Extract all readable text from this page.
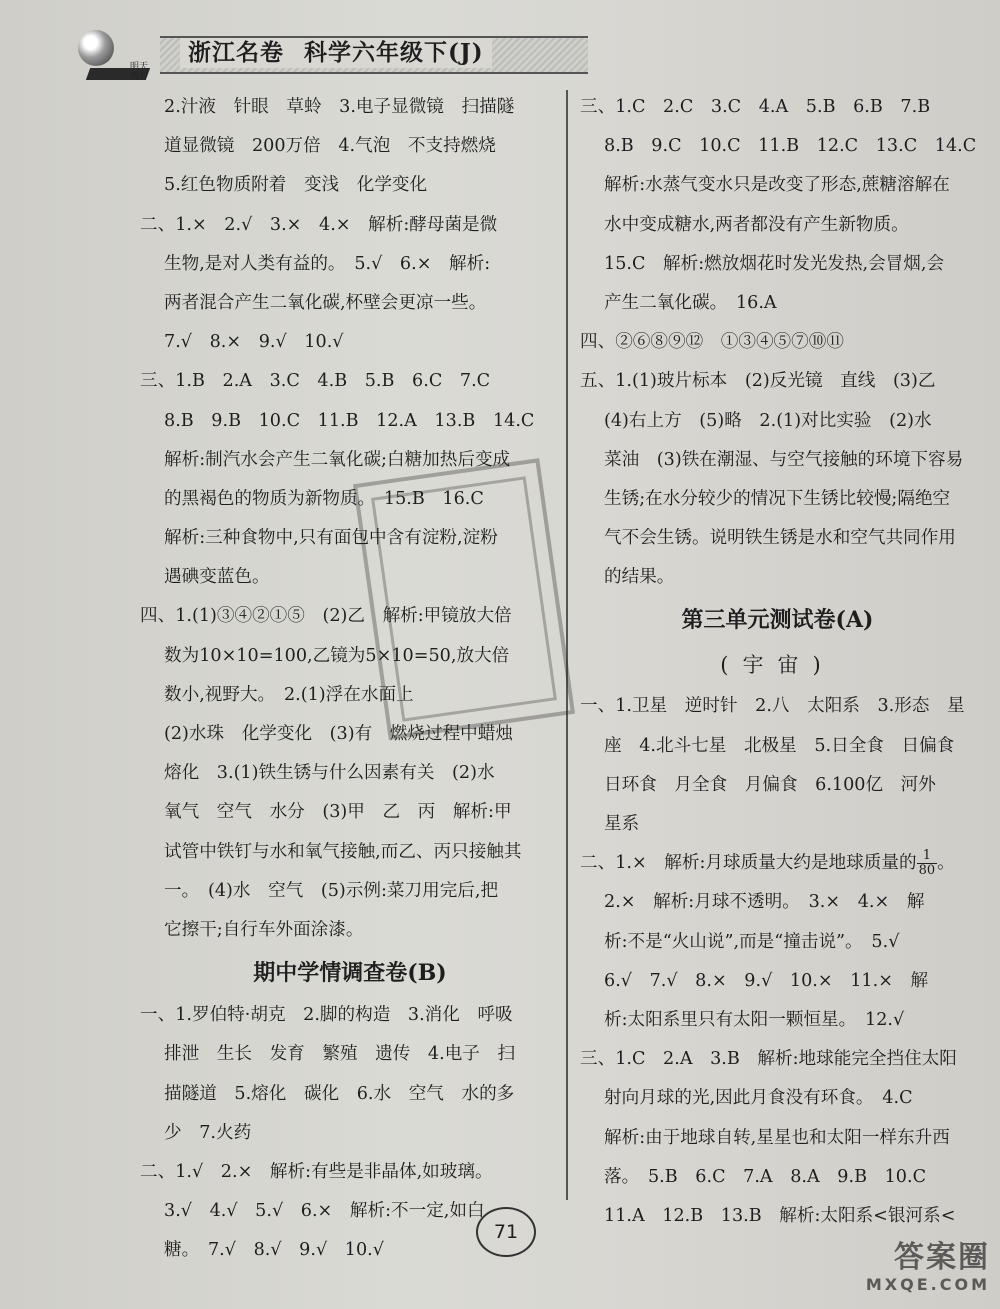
明天教育
浙江名卷 科学六年级下(J)
2.汁液　针眼　草蛉　3.电子显微镜　扫描隧
道显微镜　200万倍　4.气泡　不支持燃烧
5.红色物质附着　变浅　化学变化
二、1.×　2.√　3.×　4.×　解析:酵母菌是微
生物,是对人类有益的。　5.√　6.×　解析:
两者混合产生二氧化碳,杯壁会更凉一些。
7.√　8.×　9.√　10.√
三、1.B　2.A　3.C　4.B　5.B　6.C　7.C
8.B　9.B　10.C　11.B　12.A　13.B　14.C
解析:制汽水会产生二氧化碳;白糖加热后变成
的黑褐色的物质为新物质。　15.B　16.C
解析:三种食物中,只有面包中含有淀粉,淀粉
遇碘变蓝色。
四、1.(1)③④②①⑤　(2)乙　解析:甲镜放大倍
数为10×10=100,乙镜为5×10=50,放大倍
数小,视野大。　2.(1)浮在水面上
(2)水珠　化学变化　(3)有　燃烧过程中蜡烛
熔化　3.(1)铁生锈与什么因素有关　(2)水
氧气　空气　水分　(3)甲　乙　丙　解析:甲
试管中铁钉与水和氧气接触,而乙、丙只接触其
一。　(4)水　空气　(5)示例:菜刀用完后,把
它擦干;自行车外面涂漆。
期中学情调查卷(B)
一、1.罗伯特·胡克　2.脚的构造　3.消化　呼吸
排泄　生长　发育　繁殖　遗传　4.电子　扫
描隧道　5.熔化　碳化　6.水　空气　水的多
少　7.火药
二、1.√　2.×　解析:有些是非晶体,如玻璃。
3.√　4.√　5.√　6.×　解析:不一定,如白
糖。　7.√　8.√　9.√　10.√
三、1.C　2.C　3.C　4.A　5.B　6.B　7.B
8.B　9.C　10.C　11.B　12.C　13.C　14.C
解析:水蒸气变水只是改变了形态,蔗糖溶解在
水中变成糖水,两者都没有产生新物质。
15.C　解析:燃放烟花时发光发热,会冒烟,会
产生二氧化碳。　16.A
四、②⑥⑧⑨⑫　①③④⑤⑦⑩⑪
五、1.(1)玻片标本　(2)反光镜　直线　(3)乙
(4)右上方　(5)略　2.(1)对比实验　(2)水
菜油　(3)铁在潮湿、与空气接触的环境下容易
生锈;在水分较少的情况下生锈比较慢;隔绝空
气不会生锈。说明铁生锈是水和空气共同作用
的结果。
第三单元测试卷(A)
(宇宙)
一、1.卫星　逆时针　2.八　太阳系　3.形态　星
座　4.北斗七星　北极星　5.日全食　日偏食
日环食　月全食　月偏食　6.100亿　河外
星系
二、1.×　解析:月球质量大约是地球质量的 $\frac{1}{80}$ 。
2.×　解析:月球不透明。　3.×　4.×　解
析:不是“火山说”,而是“撞击说”。　5.√
6.√　7.√　8.×　9.√　10.×　11.×　解
析:太阳系里只有太阳一颗恒星。　12.√
三、1.C　2.A　3.B　解析:地球能完全挡住太阳
射向月球的光,因此月食没有环食。　4.C
解析:由于地球自转,星星也和太阳一样东升西
落。　5.B　6.C　7.A　8.A　9.B　10.C
11.A　12.B　13.B　解析:太阳系<银河系<
71
答案圈
MXQE.COM
